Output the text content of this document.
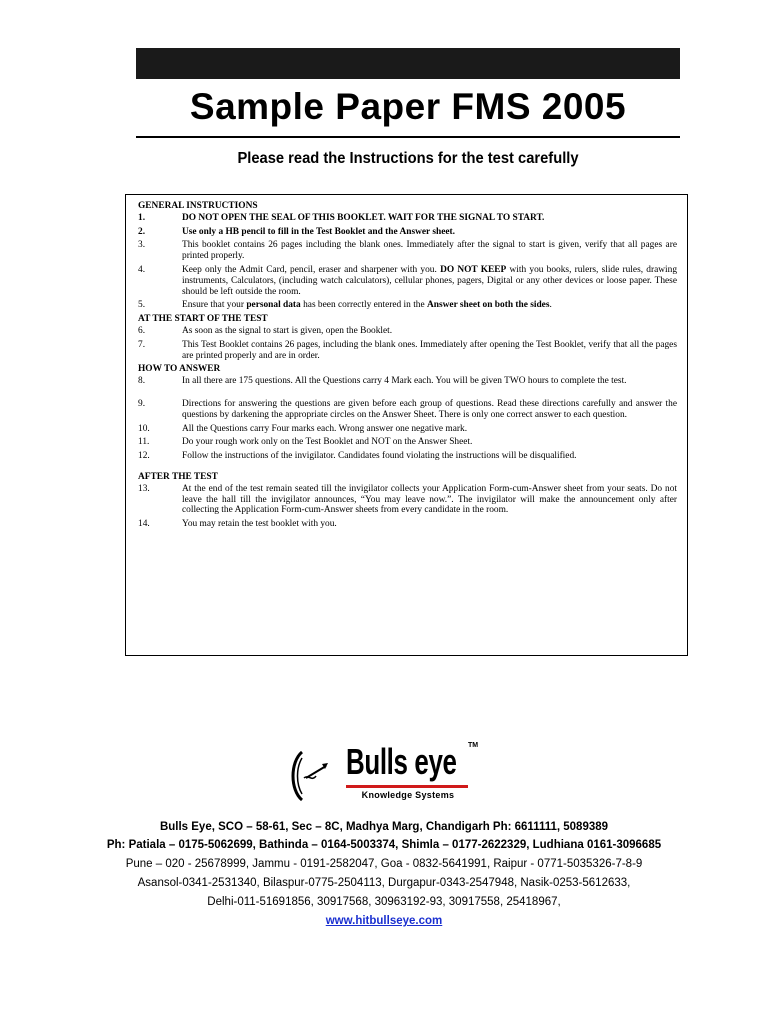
Sample Paper FMS 2005
Please read the Instructions for the test carefully
GENERAL INSTRUCTIONS
1.	DO NOT OPEN THE SEAL OF THIS BOOKLET. WAIT FOR THE SIGNAL TO START.
2.	Use only a HB pencil to fill in the Test Booklet and the Answer sheet.
3.	This booklet contains 26 pages including the blank ones. Immediately after the signal to start is given, verify that all pages are printed properly.
4.	Keep only the Admit Card, pencil, eraser and sharpener with you. DO NOT KEEP with you books, rulers, slide rules, drawing instruments, Calculators, (including watch calculators), cellular phones, pagers, Digital or any other devices or loose paper. These should be left outside the room.
5.	Ensure that your personal data has been correctly entered in the Answer sheet on both the sides.
AT THE START OF THE TEST
6.	As soon as the signal to start is given, open the Booklet.
7.	This Test Booklet contains 26 pages, including the blank ones. Immediately after opening the Test Booklet, verify that all the pages are printed properly and are in order.
HOW TO ANSWER
8.	In all there are 175 questions. All the Questions carry 4 Mark each. You will be given TWO hours to complete the test.
9.	Directions for answering the questions are given before each group of questions. Read these directions carefully and answer the questions by darkening the appropriate circles on the Answer Sheet. There is only one correct answer to each question.
10.	All the Questions carry Four marks each. Wrong answer one negative mark.
11.	Do your rough work only on the Test Booklet and NOT on the Answer Sheet.
12.	Follow the instructions of the invigilator. Candidates found violating the instructions will be disqualified.
AFTER THE TEST
13.	At the end of the test remain seated till the invigilator collects your Application Form-cum-Answer sheet from your seats. Do not leave the hall till the invigilator announces, “You may leave now.”. The invigilator will make the announcement only after collecting the Application Form-cum-Answer sheets from every candidate in the room.
14.	You may retain the test booklet with you.
Bulls eye TM
Knowledge Systems
Bulls Eye, SCO – 58-61, Sec – 8C, Madhya Marg, Chandigarh Ph: 6611111, 5089389
Ph: Patiala – 0175-5062699, Bathinda – 0164-5003374, Shimla – 0177-2622329, Ludhiana 0161-3096685
Pune – 020 - 25678999, Jammu - 0191-2582047, Goa - 0832-5641991, Raipur - 0771-5035326-7-8-9
Asansol-0341-2531340, Bilaspur-0775-2504113, Durgapur-0343-2547948, Nasik-0253-5612633,
Delhi-011-51691856, 30917568, 30963192-93, 30917558, 25418967,
www.hitbullseye.com
